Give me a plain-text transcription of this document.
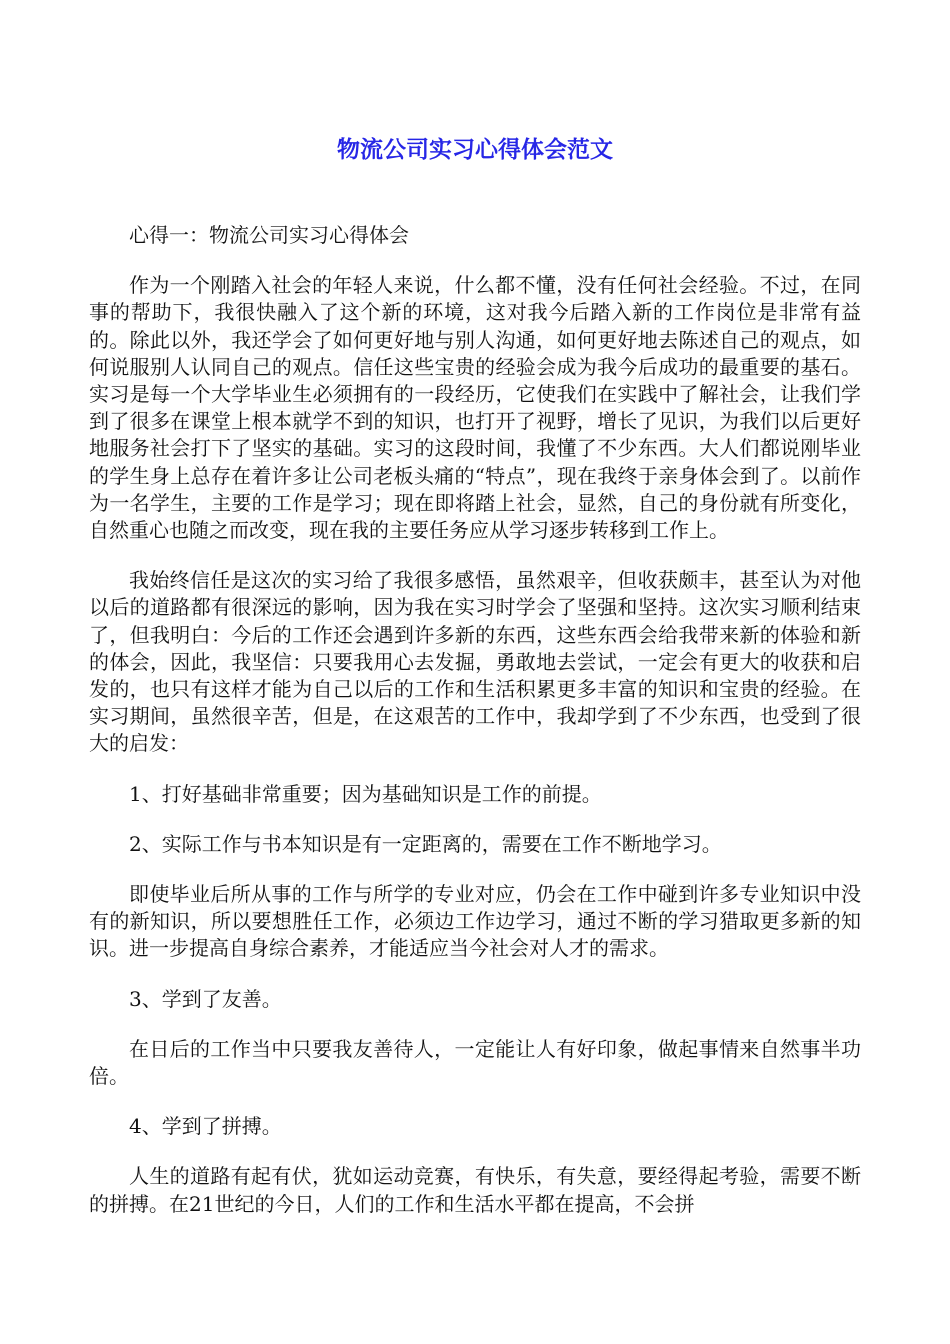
物流公司实习心得体会范文

心得一：物流公司实习心得体会

作为一个刚踏入社会的年轻人来说，什么都不懂，没有任何社会经验。不过，在同事的帮助下，我很快融入了这个新的环境，这对我今后踏入新的工作岗位是非常有益的。除此以外，我还学会了如何更好地与别人沟通，如何更好地去陈述自己的观点，如何说服别人认同自己的观点。信任这些宝贵的经验会成为我今后成功的最重要的基石。实习是每一个大学毕业生必须拥有的一段经历，它使我们在实践中了解社会，让我们学到了很多在课堂上根本就学不到的知识，也打开了视野，增长了见识，为我们以后更好地服务社会打下了坚实的基础。实习的这段时间，我懂了不少东西。大人们都说刚毕业的学生身上总存在着许多让公司老板头痛的“特点”，现在我终于亲身体会到了。以前作为一名学生，主要的工作是学习；现在即将踏上社会，显然，自己的身份就有所变化，自然重心也随之而改变，现在我的主要任务应从学习逐步转移到工作上。

我始终信任是这次的实习给了我很多感悟，虽然艰辛，但收获颇丰，甚至认为对他以后的道路都有很深远的影响，因为我在实习时学会了坚强和坚持。这次实习顺利结束了，但我明白：今后的工作还会遇到许多新的东西，这些东西会给我带来新的体验和新的体会，因此，我坚信：只要我用心去发掘，勇敢地去尝试，一定会有更大的收获和启发的，也只有这样才能为自己以后的工作和生活积累更多丰富的知识和宝贵的经验。在实习期间，虽然很辛苦，但是，在这艰苦的工作中，我却学到了不少东西，也受到了很大的启发：

1、打好基础非常重要；因为基础知识是工作的前提。

2、实际工作与书本知识是有一定距离的，需要在工作不断地学习。

即使毕业后所从事的工作与所学的专业对应，仍会在工作中碰到许多专业知识中没有的新知识，所以要想胜任工作，必须边工作边学习，通过不断的学习猎取更多新的知识。进一步提高自身综合素养，才能适应当今社会对人才的需求。

3、学到了友善。

在日后的工作当中只要我友善待人，一定能让人有好印象，做起事情来自然事半功倍。

4、学到了拼搏。

人生的道路有起有伏，犹如运动竞赛，有快乐，有失意，要经得起考验，需要不断的拼搏。在21世纪的今日，人们的工作和生活水平都在提高，不会拼
